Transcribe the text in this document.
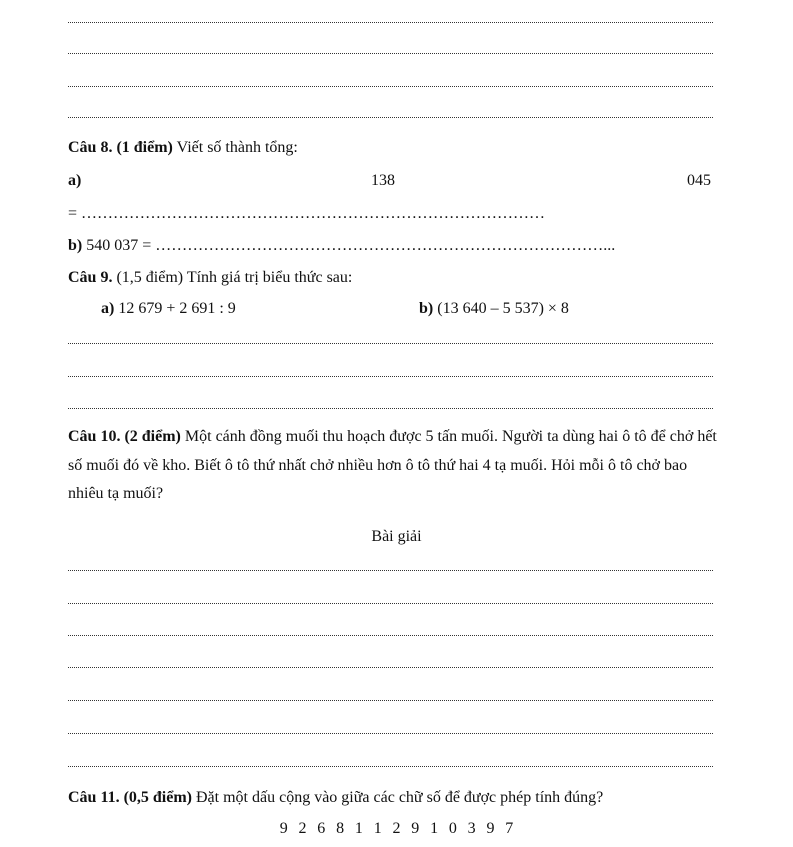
Câu 8. (1 điểm) Viết số thành tổng:
a)	138	045
= ……………………………………………………………………………
b) 540 037 = …………………………………………………………………………...
Câu 9. (1,5 điểm) Tính giá trị biểu thức sau:
a) 12 679 + 2 691 : 9	b) (13 640 – 5 537) × 8
Câu 10. (2 điểm) Một cánh đồng muối thu hoạch được 5 tấn muối. Người ta dùng hai ô tô để chở hết số muối đó về kho. Biết ô tô thứ nhất chở nhiều hơn ô tô thứ hai 4 tạ muối. Hỏi mỗi ô tô chở bao nhiêu tạ muối?
Bài giải
Câu 11. (0,5 điểm) Đặt một dấu cộng vào giữa các chữ số để được phép tính đúng?
9 2 6 8 1 1 2 9 1 0 3 9 7
